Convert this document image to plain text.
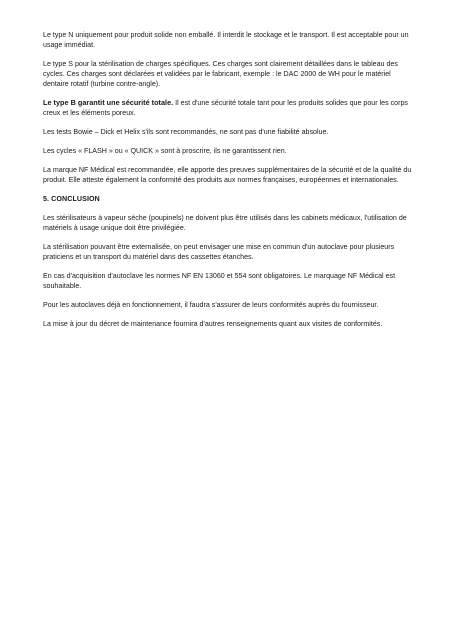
Le type N uniquement pour produit solide non emballé. Il interdit le stockage et le transport. Il est acceptable pour un usage immédiat.

Le type S pour la stérilisation de charges spécifiques. Ces charges sont clairement détaillées dans le tableau des cycles. Ces charges sont déclarées et validées par le fabricant, exemple : le DAC 2000 de WH pour le matériel dentaire rotatif (turbine contre-angle).

Le type B garantit une sécurité totale. Il est d'une sécurité totale tant pour les produits solides que pour les corps creux et les éléments poreux.

Les tests Bowie – Dick et Helix s'ils sont recommandés, ne sont pas d'une fiabilité absolue.

Les cycles « FLASH » ou « QUICK » sont à proscrire, ils ne garantissent rien.

La marque NF Médical est recommandée, elle apporte des preuves supplémentaires de la sécurité et de la qualité du produit. Elle atteste également la conformité des produits aux normes françaises, européennes et internationales.

5. CONCLUSION

Les stérilisateurs à vapeur sèche (poupinels) ne doivent plus être utilisés dans les cabinets médicaux, l'utilisation de matériels à usage unique doit être privilégiée.

La stérilisation pouvant être externalisée, on peut envisager une mise en commun d'un autoclave pour plusieurs praticiens et un transport du matériel dans des cassettes étanches.

En cas d'acquisition d'autoclave les normes NF EN 13060 et 554 sont obligatoires. Le marquage NF Médical est souhaitable.

Pour les autoclaves déjà en fonctionnement, il faudra s'assurer de leurs conformités auprès du fournisseur.

La mise à jour du décret de maintenance fournira d'autres renseignements quant aux visites de conformités.
